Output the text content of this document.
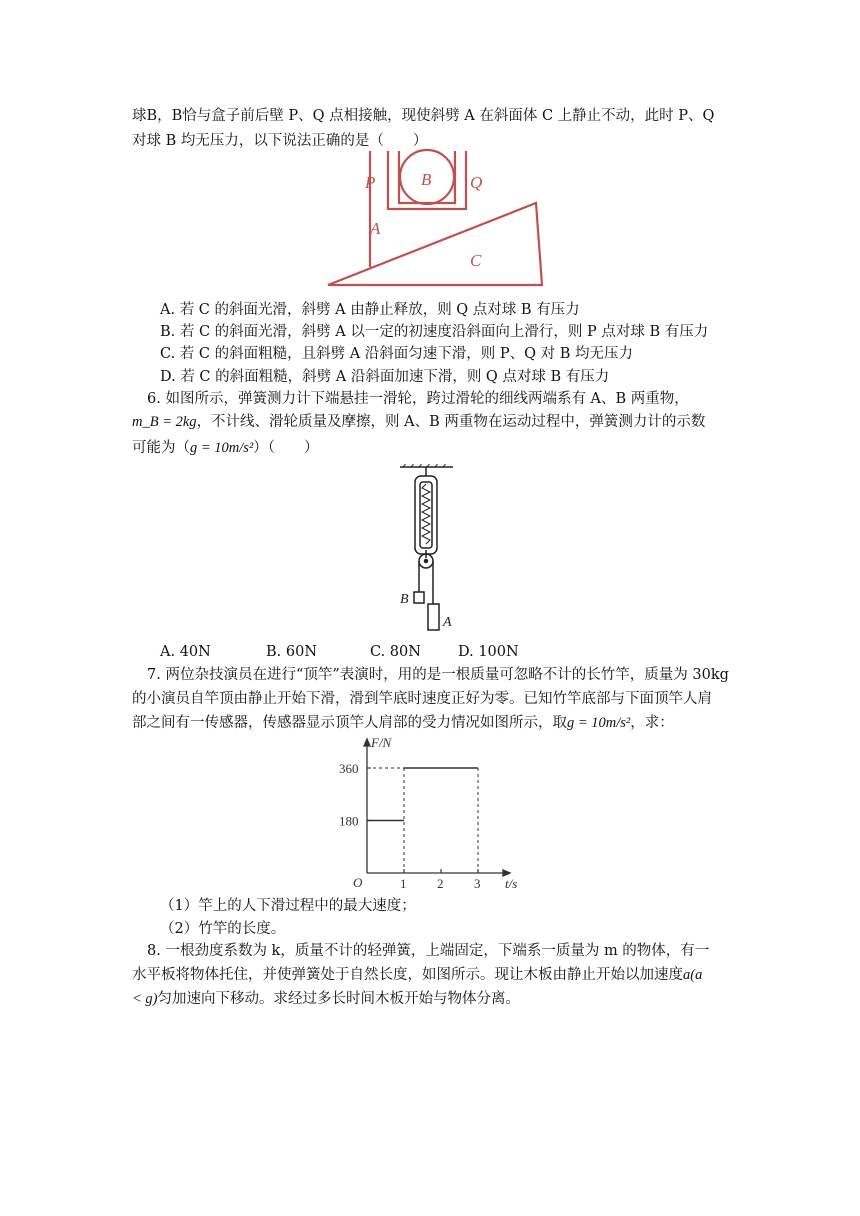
球B，B恰与盒子前后壁 P、Q 点相接触，现使斜劈 A 在斜面体 C 上静止不动，此时 P、Q
对球 B 均无压力，以下说法正确的是（　　）
P	B Q
A
C
A. 若 C 的斜面光滑，斜劈 A 由静止释放，则 Q 点对球 B 有压力
B. 若 C 的斜面光滑，斜劈 A 以一定的初速度沿斜面向上滑行，则 P 点对球 B 有压力
C. 若 C 的斜面粗糙，且斜劈 A 沿斜面匀速下滑，则 P、Q 对 B 均无压力
D. 若 C 的斜面粗糙，斜劈 A 沿斜面加速下滑，则 Q 点对球 B 有压力
6. 如图所示，弹簧测力计下端悬挂一滑轮，跨过滑轮的细线两端系有 A、B 两重物，
m_B = 2kg，不计线、滑轮质量及摩擦，则 A、B 两重物在运动过程中，弹簧测力计的示数
可能为（g = 10m/s²）（　　）
B
A
A. 40N	B. 60N	C. 80N	D. 100N
7. 两位杂技演员在进行“顶竿”表演时，用的是一根质量可忽略不计的长竹竿，质量为 30kg
的小演员自竿顶由静止开始下滑，滑到竿底时速度正好为零。已知竹竿底部与下面顶竿人肩
部之间有一传感器，传感器显示顶竿人肩部的受力情况如图所示，取g = 10m/s²，求：
F/N
t/s
O	1 2 3
180
360
（1）竿上的人下滑过程中的最大速度；
（2）竹竿的长度。
8. 一根劲度系数为 k，质量不计的轻弹簧，上端固定，下端系一质量为 m 的物体，有一
水平板将物体托住，并使弹簧处于自然长度，如图所示。现让木板由静止开始以加速度a(a
< g)匀加速向下移动。求经过多长时间木板开始与物体分离。
